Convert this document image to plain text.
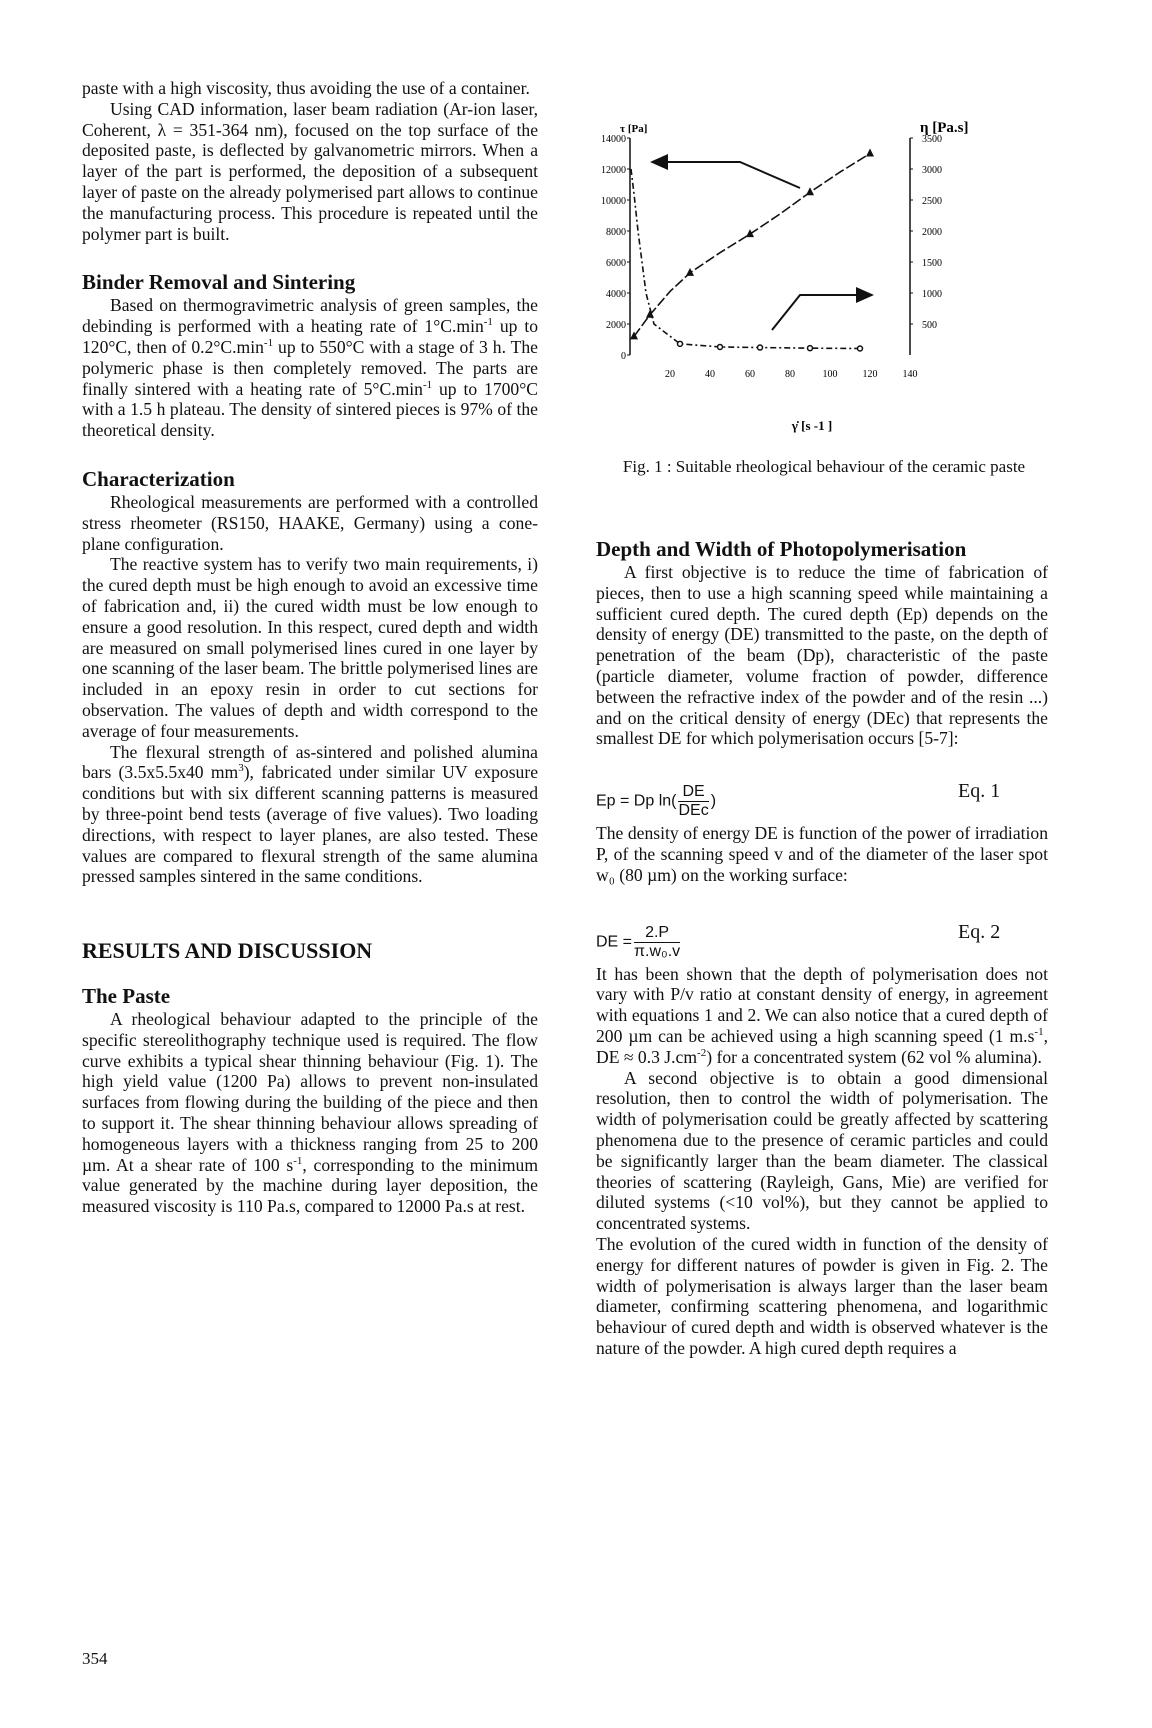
paste with a high viscosity, thus avoiding the use of a container.

Using CAD information, laser beam radiation (Ar-ion laser, Coherent, λ = 351-364 nm), focused on the top surface of the deposited paste, is deflected by galvanometric mirrors. When a layer of the part is performed, the deposition of a subsequent layer of paste on the already polymerised part allows to continue the manufacturing process. This procedure is repeated until the polymer part is built.

Binder Removal and Sintering

Based on thermogravimetric analysis of green samples, the debinding is performed with a heating rate of $1^\circ C.\min^{-1}$ up to 120°C, then of $0.2^\circ C.\min^{-1}$ up to 550°C with a stage of 3 h. The polymeric phase is then completely removed. The parts are finally sintered with a heating rate of $5^\circ C.\min^{-1}$ up to 1700°C with a 1.5 h plateau. The density of sintered pieces is 97% of the theoretical density.

Characterization

Rheological measurements are performed with a controlled stress rheometer (RS150, HAAKE, Germany) using a cone-plane configuration.

The reactive system has to verify two main requirements, i) the cured depth must be high enough to avoid an excessive time of fabrication and, ii) the cured width must be low enough to ensure a good resolution. In this respect, cured depth and width are measured on small polymerised lines cured in one layer by one scanning of the laser beam. The brittle polymerised lines are included in an epoxy resin in order to cut sections for observation. The values of depth and width correspond to the average of four measurements.

The flexural strength of as-sintered and polished alumina bars (3.5x5.5x40 $mm^3$), fabricated under similar UV exposure conditions but with six different scanning patterns is measured by three-point bend tests (average of five values). Two loading directions, with respect to layer planes, are also tested. These values are compared to flexural strength of the same alumina pressed samples sintered in the same conditions.

RESULTS AND DISCUSSION
The Paste

A rheological behaviour adapted to the principle of the specific stereolithography technique used is required. The flow curve exhibits a typical shear thinning behaviour (Fig. 1). The high yield value (1200 Pa) allows to prevent non-insulated surfaces from flowing during the building of the piece and then to support it. The shear thinning behaviour allows spreading of homogeneous layers with a thickness ranging from 25 to 200 µm. At a shear rate of 100 $s^{-1}$, corresponding to the minimum value generated by the machine during layer deposition, the measured viscosity is 110 Pa.s, compared to 12000 Pa.s at rest.

0
2000
4000
6000
8000
10000
12000
14000
500
1000
1500
2000
2500
3000
3500
20	40	60	80	100	120	140
τ [Pa]	η [Pa.s]
γ̇ [s -1 ]
Fig. 1 : Suitable rheological behaviour of the ceramic paste
Depth and Width of Photopolymerisation

A first objective is to reduce the time of fabrication of pieces, then to use a high scanning speed while maintaining a sufficient cured depth. The cured depth (Ep) depends on the density of energy (DE) transmitted to the paste, on the depth of penetration of the beam (Dp), characteristic of the paste (particle diameter, volume fraction of powder, difference between the refractive index of the powder and of the resin ...) and on the critical density of energy (DEc) that represents the smallest DE for which polymerisation occurs [5-7]:

Ep = Dp $\ln( \frac{DE}{\text{DEc}}$ )	Eq. 1

The density of energy DE is function of the power of irradiation P, of the scanning speed v and of the diameter of the laser spot w₀ (80 µm) on the working surface:

DE = $\frac{2.P}{\text{π.w₀.v}}$	Eq. 2

It has been shown that the depth of polymerisation does not vary with P/v ratio at constant density of energy, in agreement with equations 1 and 2. We can also notice that a cured depth of 200 µm can be achieved using a high scanning speed (1 $m.s^{-1}$, DE ≈ 0.3 $J.cm^{-2}$) for a concentrated system (62 vol % alumina).

A second objective is to obtain a good dimensional resolution, then to control the width of polymerisation. The width of polymerisation could be greatly affected by scattering phenomena due to the presence of ceramic particles and could be significantly larger than the beam diameter. The classical theories of scattering (Rayleigh, Gans, Mie) are verified for diluted systems (<10 vol%), but they cannot be applied to concentrated systems.

The evolution of the cured width in function of the density of energy for different natures of powder is given in Fig. 2. The width of polymerisation is always larger than the laser beam diameter, confirming scattering phenomena, and logarithmic behaviour of cured depth and width is observed whatever is the nature of the powder. A high cured depth requires a

354
